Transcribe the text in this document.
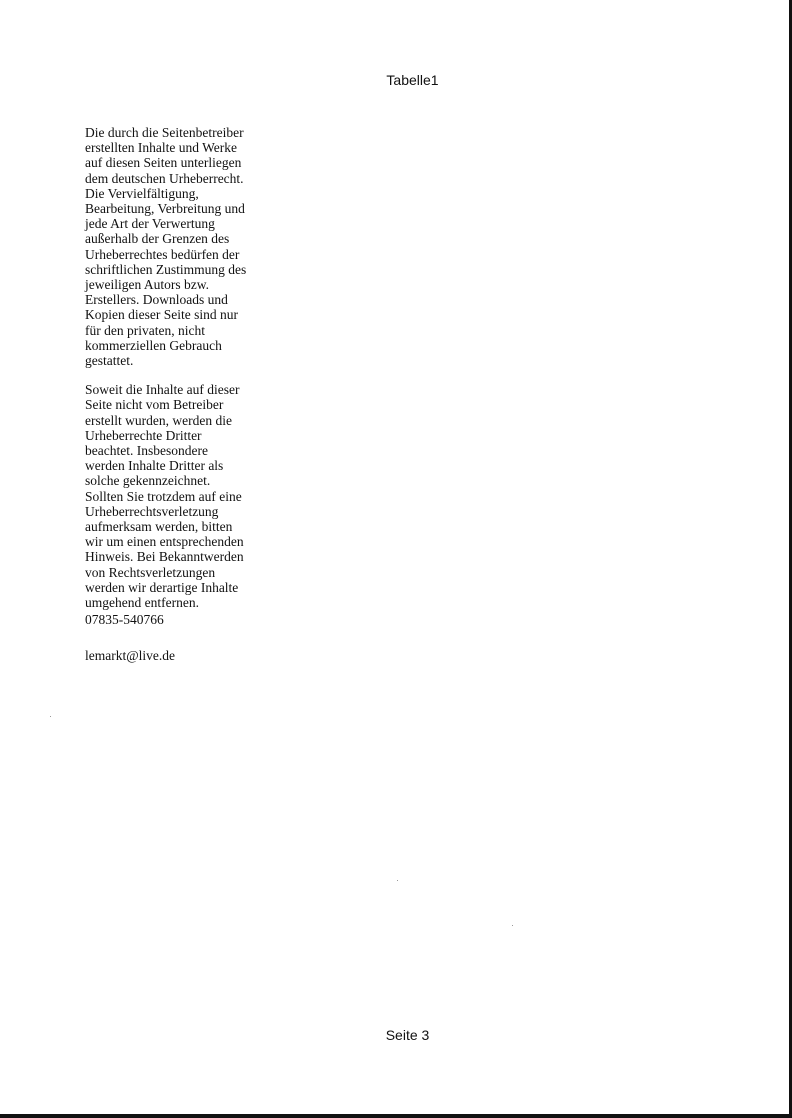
Tabelle1
Die durch die Seitenbetreiber
erstellten Inhalte und Werke
auf diesen Seiten unterliegen
dem deutschen Urheberrecht.
Die Vervielfältigung,
Bearbeitung, Verbreitung und
jede Art der Verwertung
außerhalb der Grenzen des
Urheberrechtes bedürfen der
schriftlichen Zustimmung des
jeweiligen Autors bzw.
Erstellers. Downloads und
Kopien dieser Seite sind nur
für den privaten, nicht
kommerziellen Gebrauch
gestattet.
Soweit die Inhalte auf dieser
Seite nicht vom Betreiber
erstellt wurden, werden die
Urheberrechte Dritter
beachtet. Insbesondere
werden Inhalte Dritter als
solche gekennzeichnet.
Sollten Sie trotzdem auf eine
Urheberrechtsverletzung
aufmerksam werden, bitten
wir um einen entsprechenden
Hinweis. Bei Bekanntwerden
von Rechtsverletzungen
werden wir derartige Inhalte
umgehend entfernen.
07835-540766
lemarkt@live.de
Seite 3
